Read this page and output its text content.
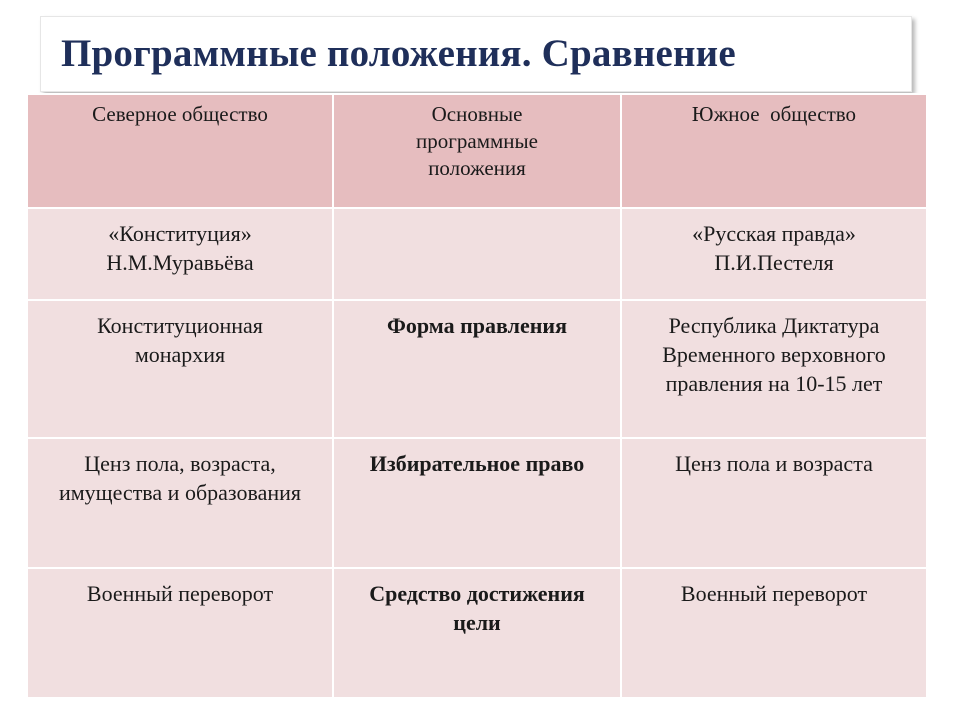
Программные положения. Сравнение
Северное общество	Основные программные положения	Южное  общество

«Конституция» Н.М.Муравьёва		«Русская правда» П.И.Пестеля

Конституционная монархия	Форма правления	Республика Диктатура Временного верховного правления на 10-15 лет

Ценз пола, возраста, имущества и образования	Избирательное право	Ценз пола и возраста

Военный переворот	Средство достижения цели	Военный переворот
